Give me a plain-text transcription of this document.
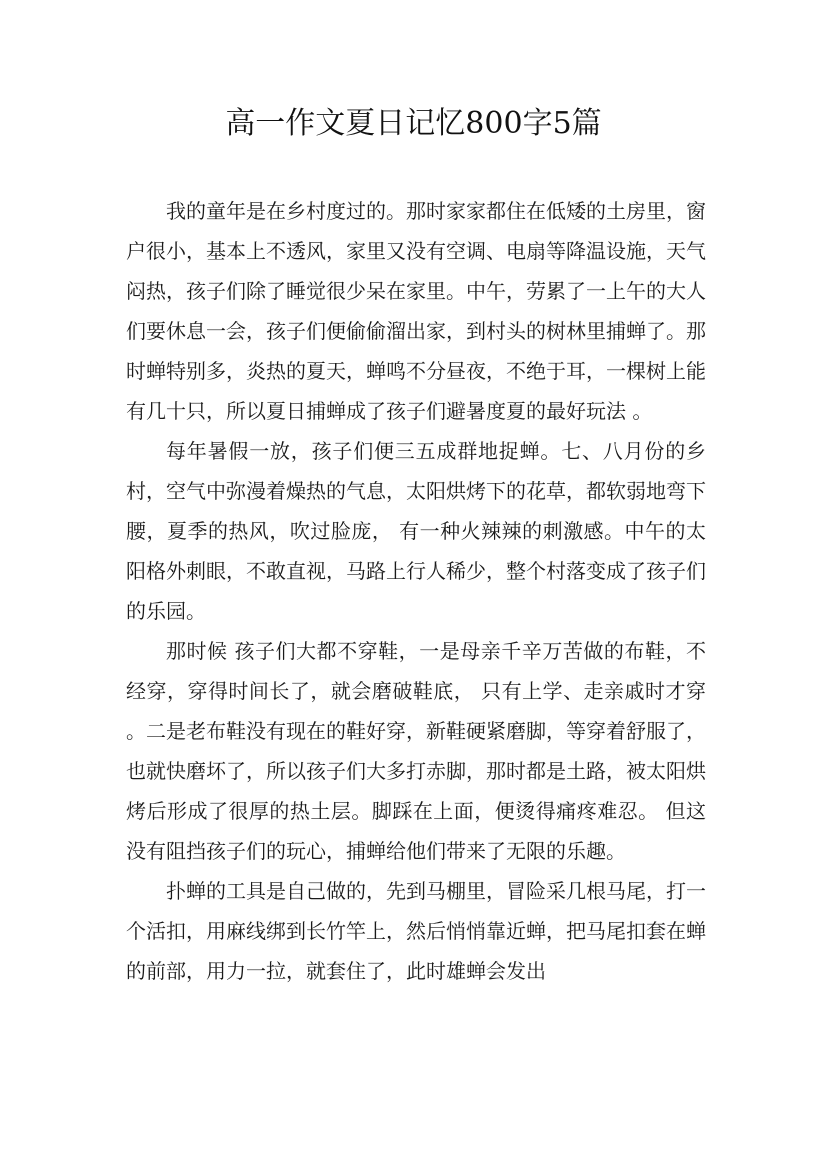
高一作文夏日记忆800字5篇

我的童年是在乡村度过的。那时家家都住在低矮的土房里，窗户很小，基本上不透风，家里又没有空调、电扇等降温设施，天气闷热，孩子们除了睡觉很少呆在家里。中午，劳累了一上午的大人们要休息一会，孩子们便偷偷溜出家，到村头的树林里捕蝉了。那时蝉特别多，炎热的夏天，蝉鸣不分昼夜，不绝于耳，一棵树上能有几十只，所以夏日捕蝉成了孩子们避暑度夏的最好玩法 。

每年暑假一放，孩子们便三五成群地捉蝉。七、八月份的乡村，空气中弥漫着燥热的气息，太阳烘烤下的花草，都软弱地弯下腰，夏季的热风，吹过脸庞， 有一种火辣辣的刺激感。中午的太阳格外刺眼，不敢直视，马路上行人稀少，整个村落变成了孩子们的乐园。

那时候 孩子们大都不穿鞋，一是母亲千辛万苦做的布鞋，不经穿，穿得时间长了，就会磨破鞋底， 只有上学、走亲戚时才穿 。二是老布鞋没有现在的鞋好穿，新鞋硬紧磨脚，等穿着舒服了，也就快磨坏了，所以孩子们大多打赤脚，那时都是土路，被太阳烘烤后形成了很厚的热土层。脚踩在上面，便烫得痛疼难忍。 但这没有阻挡孩子们的玩心，捕蝉给他们带来了无限的乐趣。

扑蝉的工具是自己做的，先到马棚里，冒险采几根马尾，打一个活扣，用麻线绑到长竹竿上，然后悄悄靠近蝉，把马尾扣套在蝉的前部，用力一拉，就套住了，此时雄蝉会发出
